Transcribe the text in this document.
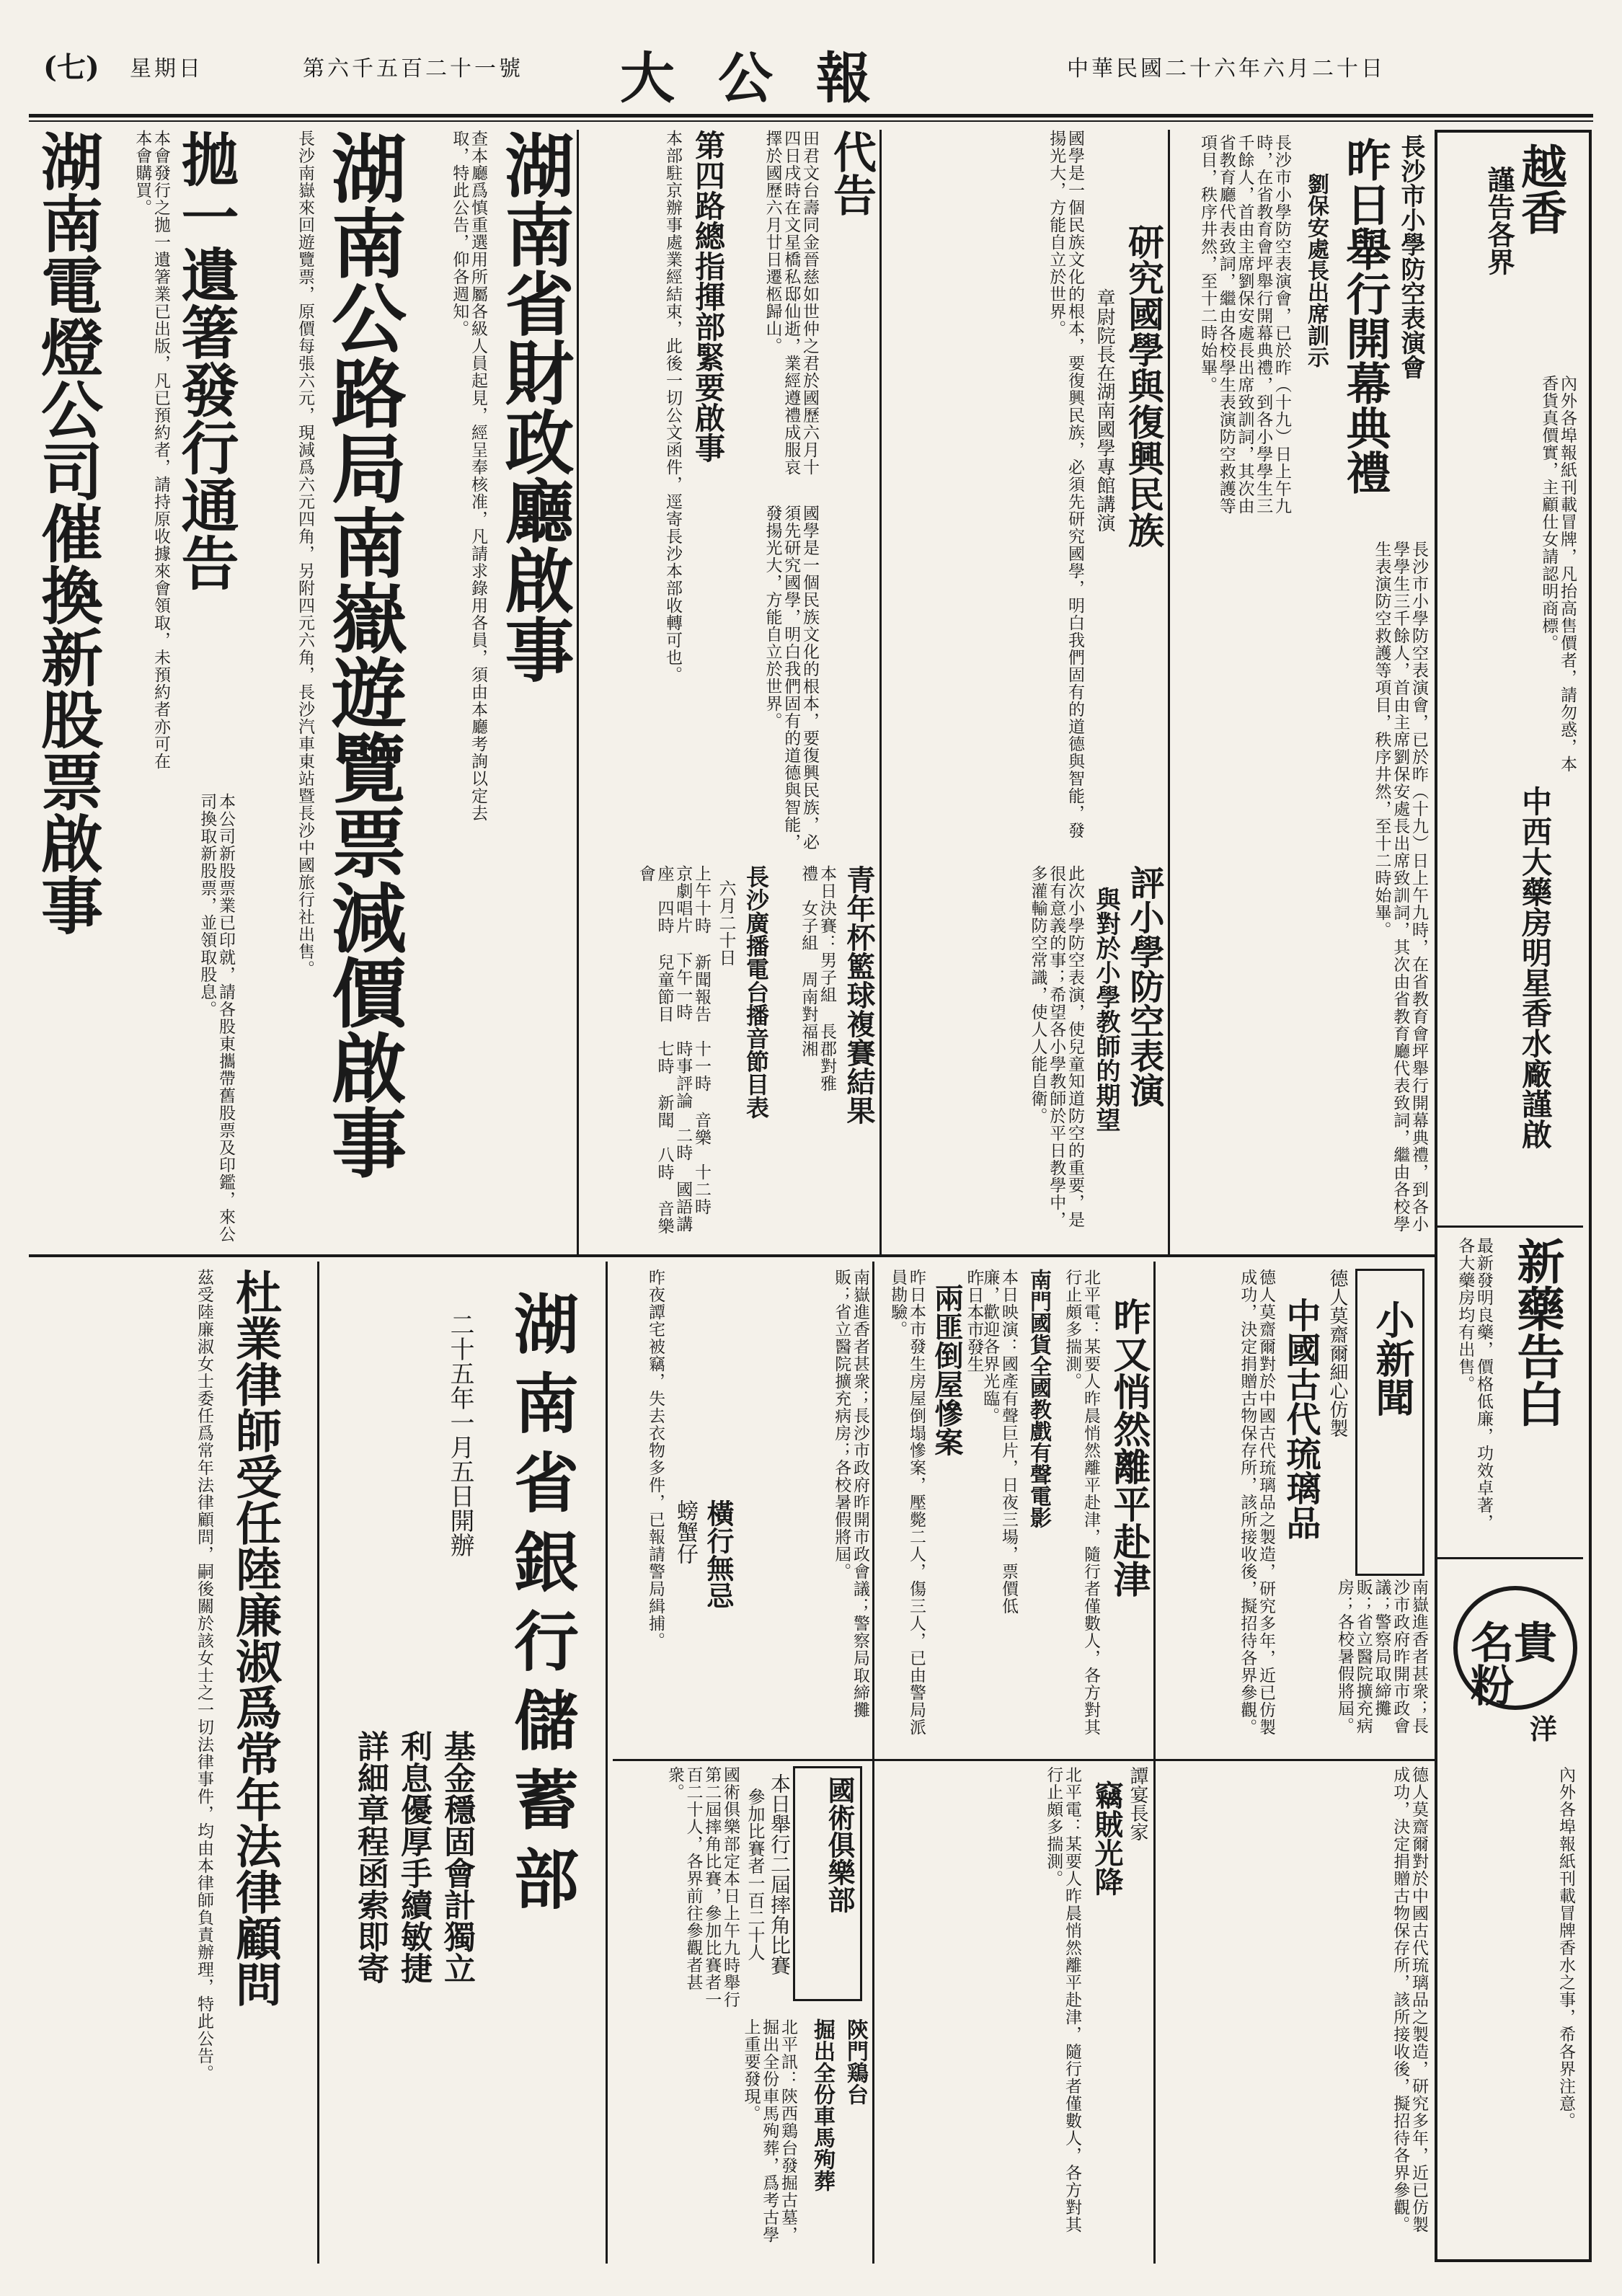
(七) 星期日	第六千五百二十一號 大公報	中華民國二十六年六月二十日
越香
謹告各界
內外各埠報紙刊載冒牌，凡抬高售價者，請勿惑，本香貨真價實，主顧仕女請認明商標。
中西大藥房明星香水廠謹啟
新藥告白
最新發明良藥，價格低廉，功效卓著，各大藥房均有出售。
名貴粉
洋
內外各埠報紙刊載冒牌香水之事，希各界注意。
長沙市小學防空表演會
昨日舉行開幕典禮
劉保安處長出席訓示
長沙市小學防空表演會，已於昨（十九）日上午九時，在省教育會坪舉行開幕典禮，到各小學學生三千餘人，首由主席劉保安處長出席致訓詞，其次由省教育廳代表致詞，繼由各校學生表演防空救護等項目，秩序井然，至十二時始畢。
長沙市小學防空表演會，已於昨（十九）日上午九時，在省教育會坪舉行開幕典禮，到各小學學生三千餘人，首由主席劉保安處長出席致訓詞，其次由省教育廳代表致詞，繼由各校學生表演防空救護等項目，秩序井然，至十二時始畢。
研究國學與復興民族
章尉院長在湖南國學專館講演
國學是一個民族文化的根本，要復興民族，必須先研究國學，明白我們固有的道德與智能，發揚光大，方能自立於世界。
評小學防空表演
與對於小學教師的期望
此次小學防空表演，使兒童知道防空的重要，是很有意義的事；希望各小學教師於平日教學中，多灌輸防空常識，使人人能自衛。
青年杯籃球複賽結果
本日決賽：男子組 長郡對雅禮　女子組 周南對福湘
長沙廣播電台播音節目表
六月二十日
上午十時 新聞報告　十一時 音樂　十二時 京劇唱片　下午一時 時事評論　二時 國語講座　四時 兒童節目　七時 新聞　八時 音樂會
代告
田君文台壽同金晉慈如世仲之君於國歷六月十四日戌時在文星橋私邸仙逝，業經遵禮成服哀擇於國歷六月廿日遷柩歸山。
第四路總指揮部緊要啟事
本部駐京辦事處業經結束，此後一切公文函件，逕寄長沙本部收轉可也。	國學是一個民族文化的根本，要復興民族，必須先研究國學，明白我們固有的道德與智能，發揚光大，方能自立於世界。
湖南省財政廳啟事
查本廳爲慎重選用所屬各級人員起見，經呈奉核准，凡請求錄用各員，須由本廳考詢以定去取，特此公告，仰各週知。
湖南公路局南嶽遊覽票減價啟事
長沙南嶽來回遊覽票，原價每張六元，現減爲六元四角，另附四元六角，長沙汽車東站暨長沙中國旅行社出售。
拋一遺箸發行通告
本會發行之拋一遺箸業已出版，凡已預約者，請持原收據來會領取，未預約者亦可在本會購買。
湖南電燈公司催換新股票啟事
本公司新股票業已印就，請各股東攜帶舊股票及印鑑，來公司換取新股票，並領取股息。
小新聞
德人莫齋爾細心仿製
中國古代琉璃品
德人莫齋爾對於中國古代琉璃品之製造，研究多年，近已仿製成功，決定捐贈古物保存所，該所接收後，擬招待各界參觀。	南嶽進香者甚衆；長沙市政府昨開市政會議；警察局取締攤販；省立醫院擴充病房；各校暑假將屆。
昨又悄然離平赴津
北平電：某要人昨晨悄然離平赴津，隨行者僅數人，各方對其行止頗多揣測。
南門國貨全國教戲有聲電影
本日映演：國產有聲巨片，日夜三場，票價低廉，歡迎各界光臨。
昨日本市發生
兩匪倒屋慘案
昨日本市發生房屋倒塌慘案，壓斃二人，傷三人，已由警局派員勘驗。
南嶽進香者甚衆；長沙市政府昨開市政會議；警察局取締攤販；省立醫院擴充病房；各校暑假將屆。
橫行無忌
螃蟹仔
昨夜譚宅被竊，失去衣物多件，已報請警局緝捕。
德人莫齋爾對於中國古代琉璃品之製造，研究多年，近已仿製成功，決定捐贈古物保存所，該所接收後，擬招待各界參觀。
譚宴長家
竊賊光降
北平電：某要人昨晨悄然離平赴津，隨行者僅數人，各方對其行止頗多揣測。
國術俱樂部
本日舉行二屆摔角比賽
參加比賽者一百二十人
國術俱樂部定本日上午九時舉行第二屆摔角比賽，參加比賽者一百二十人，各界前往參觀者甚衆。
陝門鶏台
掘出全份車馬殉葬
北平訊：陝西鶏台發掘古墓，掘出全份車馬殉葬，爲考古學上重要發現。
湖南省銀行儲蓄部
基金穩固會計獨立
利息優厚手續敏捷
詳細章程函索即寄
二十五年一月五日開辦
杜業律師受任陸廉淑爲常年法律顧問
茲受陸廉淑女士委任爲常年法律顧問，嗣後關於該女士之一切法律事件，均由本律師負責辦理，特此公告。
